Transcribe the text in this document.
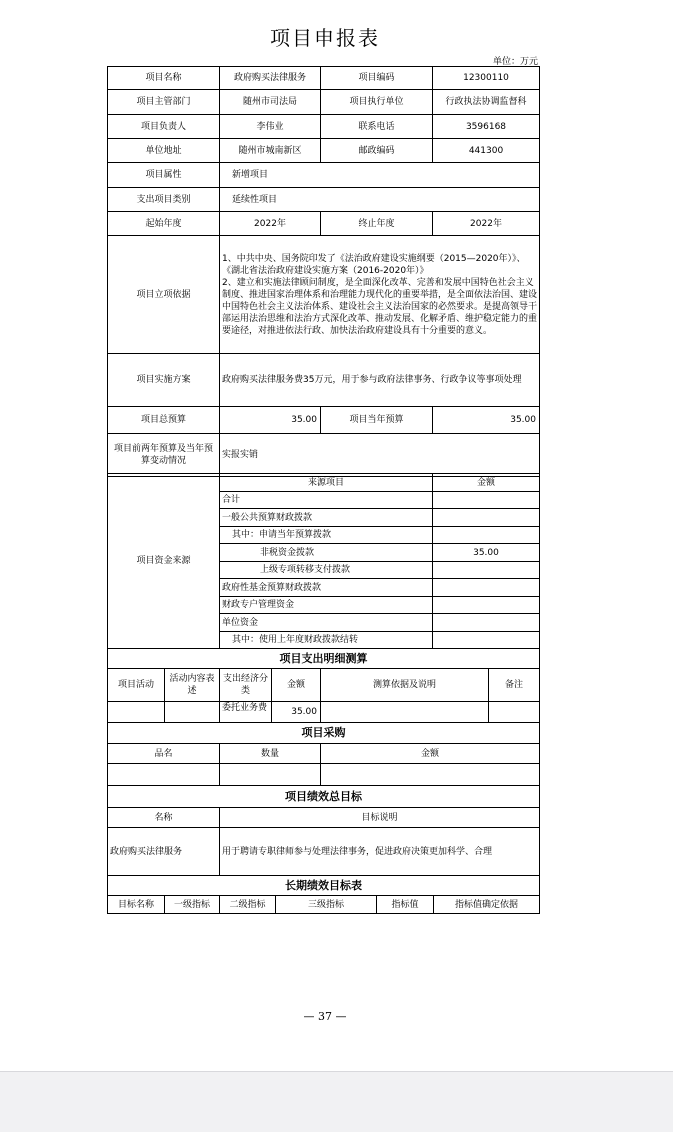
项目申报表
单位：万元
项目名称	政府购买法律服务	项目编码	12300110
项目主管部门	随州市司法局	项目执行单位	行政执法协调监督科
项目负责人	李伟业	联系电话	3596168
单位地址	随州市城南新区	邮政编码	441300
项目属性	新增项目		
支出项目类别	延续性项目		
起始年度	2022年	终止年度	2022年
项目立项依据	1、中共中央、国务院印发了《法治政府建设实施纲要（2015—2020年）》、《湖北省法治政府建设实施方案（2016-2020年）》
2、建立和实施法律顾问制度，是全面深化改革、完善和发展中国特色社会主义制度、推进国家治理体系和治理能力现代化的重要举措，是全面依法治国、建设中国特色社会主义法治体系、建设社会主义法治国家的必然要求。是提高领导干部运用法治思维和法治方式深化改革、推动发展、化解矛盾、维护稳定能力的重要途径，对推进依法行政、加快法治政府建设具有十分重要的意义。		
项目实施方案	政府购买法律服务费35万元，用于参与政府法律事务、行政争议等事项处理		
项目总预算	35.00	项目当年预算	35.00
项目前两年预算及当年预算变动情况	实报实销		
项目资金来源	来源项目	金额
	合计	
	一般公共预算财政拨款	
	其中：申请当年预算拨款	
	非税资金拨款	35.00
	上级专项转移支付拨款	
	政府性基金预算财政拨款	
	财政专户管理资金	
	单位资金	
	其中：使用上年度财政拨款结转	
项目支出明细测算					
项目活动	活动内容表述	支出经济分类	金额	测算依据及说明	备注
		委托业务费	35.00		
项目采购		
品名	数量	金额

项目绩效总目标	
名称	目标说明
政府购买法律服务	用于聘请专职律师参与处理法律事务，促进政府决策更加科学、合理
长期绩效目标表
目标名称	一级指标	二级指标	三级指标	指标值	指标值确定依据
— 37 —
